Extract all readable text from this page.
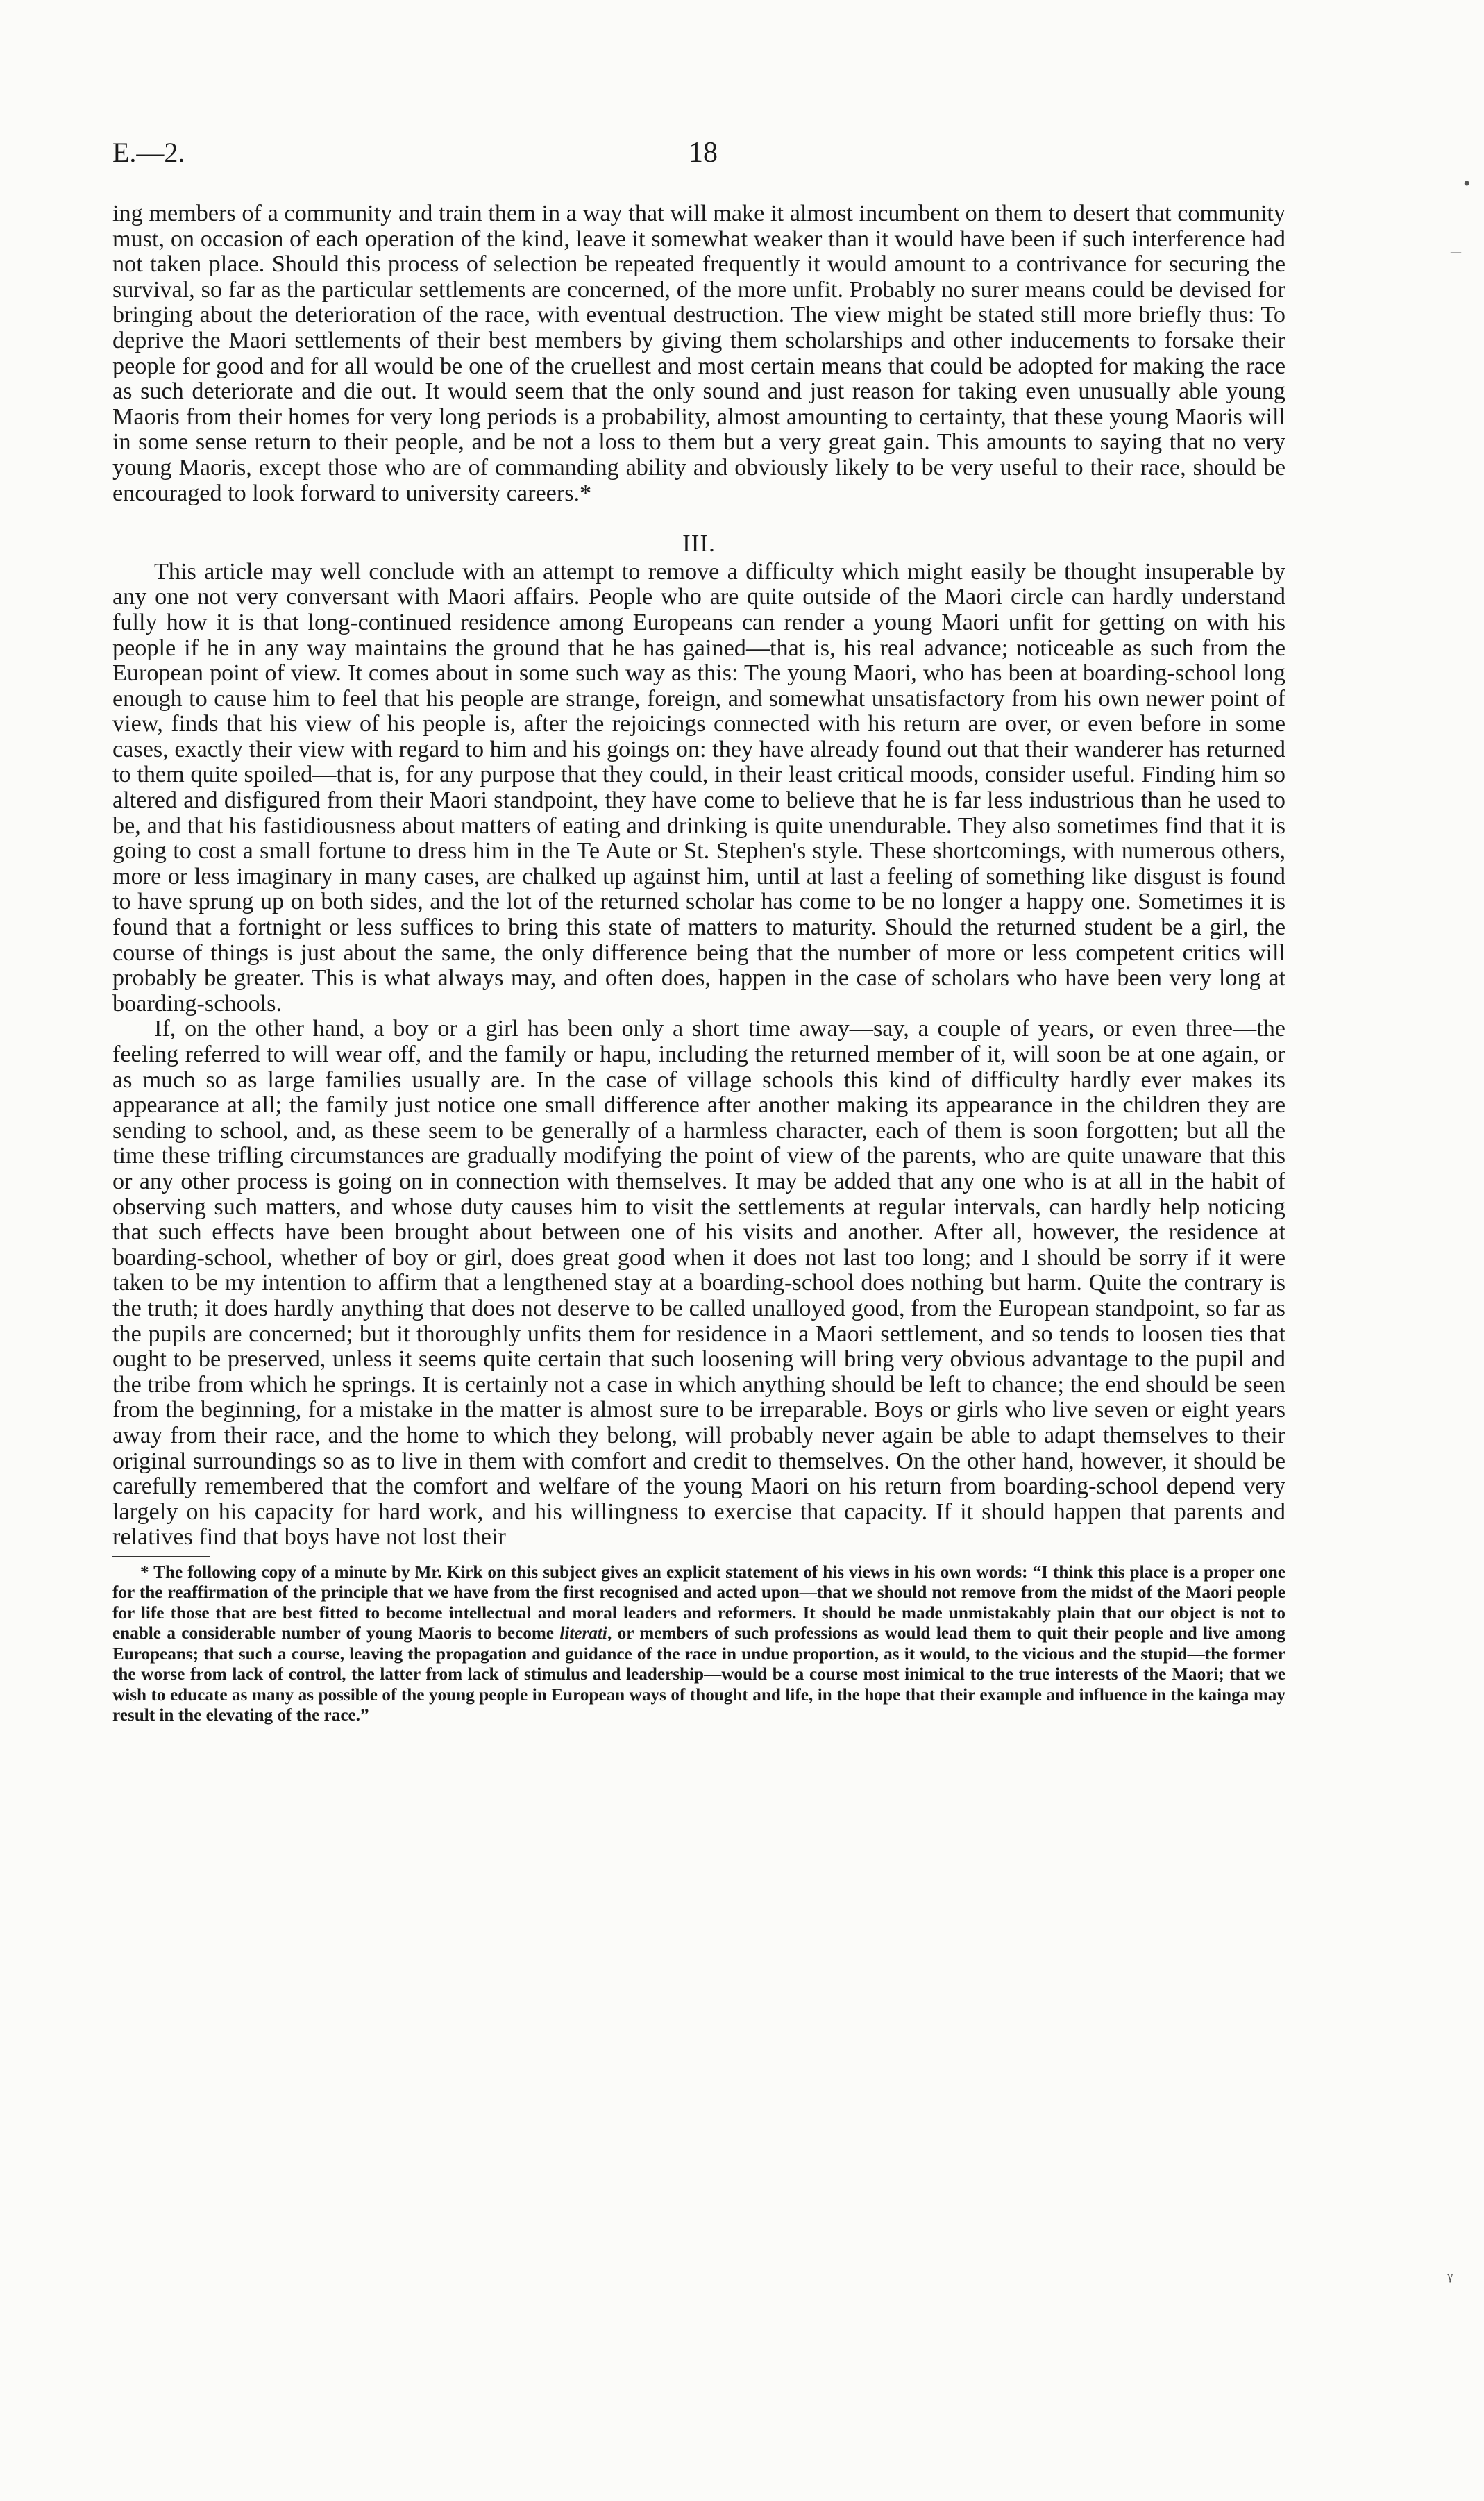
E.—2.	18

ing members of a community and train them in a way that will make it almost incumbent on them to desert that community must, on occasion of each operation of the kind, leave it somewhat weaker than it would have been if such interference had not taken place. Should this process of selection be repeated frequently it would amount to a contrivance for securing the survival, so far as the particular settlements are concerned, of the more unfit. Probably no surer means could be devised for bringing about the deterioration of the race, with eventual destruction. The view might be stated still more briefly thus: To deprive the Maori settlements of their best members by giving them scholarships and other inducements to forsake their people for good and for all would be one of the cruellest and most certain means that could be adopted for making the race as such deteriorate and die out. It would seem that the only sound and just reason for taking even unusually able young Maoris from their homes for very long periods is a probability, almost amounting to certainty, that these young Maoris will in some sense return to their people, and be not a loss to them but a very great gain. This amounts to saying that no very young Maoris, except those who are of commanding ability and obviously likely to be very useful to their race, should be encouraged to look forward to university careers.*

III.

This article may well conclude with an attempt to remove a difficulty which might easily be thought insuperable by any one not very conversant with Maori affairs. People who are quite outside of the Maori circle can hardly understand fully how it is that long-continued residence among Europeans can render a young Maori unfit for getting on with his people if he in any way maintains the ground that he has gained—that is, his real advance; noticeable as such from the European point of view. It comes about in some such way as this: The young Maori, who has been at boarding-school long enough to cause him to feel that his people are strange, foreign, and somewhat unsatisfactory from his own newer point of view, finds that his view of his people is, after the rejoicings connected with his return are over, or even before in some cases, exactly their view with regard to him and his goings on: they have already found out that their wanderer has returned to them quite spoiled—that is, for any purpose that they could, in their least critical moods, consider useful. Finding him so altered and disfigured from their Maori standpoint, they have come to believe that he is far less industrious than he used to be, and that his fastidiousness about matters of eating and drinking is quite unendurable. They also sometimes find that it is going to cost a small fortune to dress him in the Te Aute or St. Stephen's style. These shortcomings, with numerous others, more or less imaginary in many cases, are chalked up against him, until at last a feeling of something like disgust is found to have sprung up on both sides, and the lot of the returned scholar has come to be no longer a happy one. Sometimes it is found that a fortnight or less suffices to bring this state of matters to maturity. Should the returned student be a girl, the course of things is just about the same, the only difference being that the number of more or less competent critics will probably be greater. This is what always may, and often does, happen in the case of scholars who have been very long at boarding-schools.

If, on the other hand, a boy or a girl has been only a short time away—say, a couple of years, or even three—the feeling referred to will wear off, and the family or hapu, including the returned member of it, will soon be at one again, or as much so as large families usually are. In the case of village schools this kind of difficulty hardly ever makes its appearance at all; the family just notice one small difference after another making its appearance in the children they are sending to school, and, as these seem to be generally of a harmless character, each of them is soon forgotten; but all the time these trifling circumstances are gradually modifying the point of view of the parents, who are quite unaware that this or any other process is going on in connection with themselves. It may be added that any one who is at all in the habit of observing such matters, and whose duty causes him to visit the settlements at regular intervals, can hardly help noticing that such effects have been brought about between one of his visits and another. After all, however, the residence at boarding-school, whether of boy or girl, does great good when it does not last too long; and I should be sorry if it were taken to be my intention to affirm that a lengthened stay at a boarding-school does nothing but harm. Quite the contrary is the truth; it does hardly anything that does not deserve to be called unalloyed good, from the European standpoint, so far as the pupils are concerned; but it thoroughly unfits them for residence in a Maori settlement, and so tends to loosen ties that ought to be preserved, unless it seems quite certain that such loosening will bring very obvious advantage to the pupil and the tribe from which he springs. It is certainly not a case in which anything should be left to chance; the end should be seen from the beginning, for a mistake in the matter is almost sure to be irreparable. Boys or girls who live seven or eight years away from their race, and the home to which they belong, will probably never again be able to adapt themselves to their original surroundings so as to live in them with comfort and credit to themselves. On the other hand, however, it should be carefully remembered that the comfort and welfare of the young Maori on his return from boarding-school depend very largely on his capacity for hard work, and his willingness to exercise that capacity. If it should happen that parents and relatives find that boys have not lost their

* The following copy of a minute by Mr. Kirk on this subject gives an explicit statement of his views in his own words: “I think this place is a proper one for the reaffirmation of the principle that we have from the first recognised and acted upon—that we should not remove from the midst of the Maori people for life those that are best fitted to become intellectual and moral leaders and reformers. It should be made unmistakably plain that our object is not to enable a considerable number of young Maoris to become literati, or members of such professions as would lead them to quit their people and live among Europeans; that such a course, leaving the propagation and guidance of the race in undue proportion, as it would, to the vicious and the stupid—the former the worse from lack of control, the latter from lack of stimulus and leadership—would be a course most inimical to the true interests of the Maori; that we wish to educate as many as possible of the young people in European ways of thought and life, in the hope that their example and influence in the kainga may result in the elevating of the race.”

•
–
ᵧ
